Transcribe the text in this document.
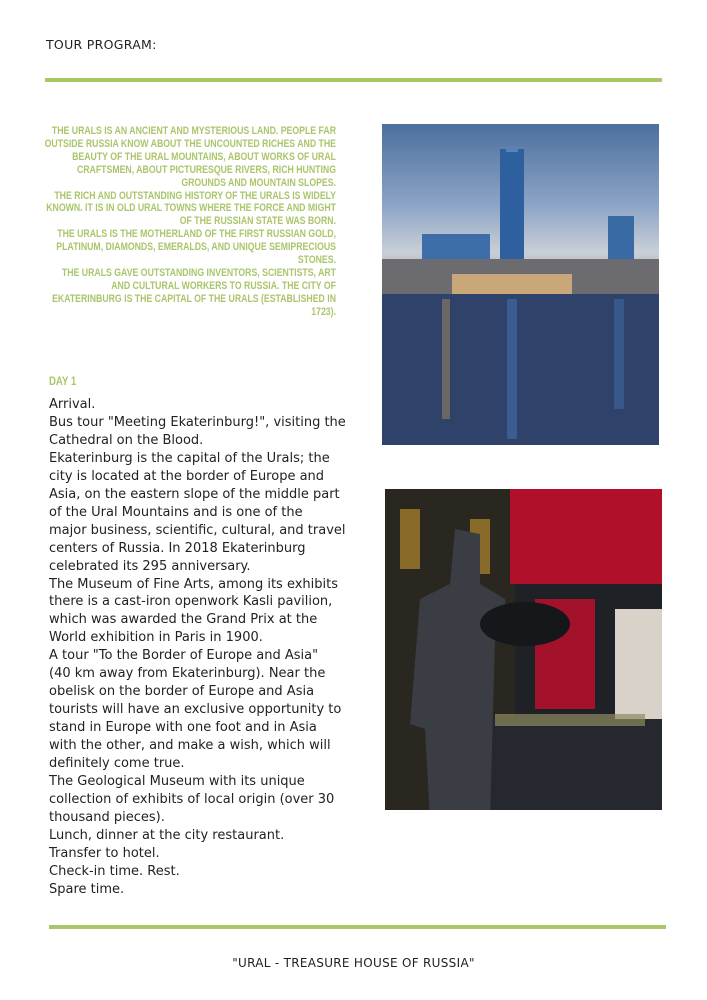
TOUR PROGRAM:
THE URALS IS AN ANCIENT AND MYSTERIOUS LAND. PEOPLE FAR
OUTSIDE RUSSIA KNOW ABOUT THE UNCOUNTED RICHES AND THE
BEAUTY OF THE URAL MOUNTAINS, ABOUT WORKS OF URAL
CRAFTSMEN, ABOUT PICTURESQUE RIVERS, RICH HUNTING
GROUNDS AND MOUNTAIN SLOPES.
THE RICH AND OUTSTANDING HISTORY OF THE URALS IS WIDELY
KNOWN. IT IS IN OLD URAL TOWNS WHERE THE FORCE AND MIGHT
OF THE RUSSIAN STATE WAS BORN.
THE URALS IS THE MOTHERLAND OF THE FIRST RUSSIAN GOLD,
PLATINUM, DIAMONDS, EMERALDS, AND UNIQUE SEMIPRECIOUS
STONES.
THE URALS GAVE OUTSTANDING INVENTORS, SCIENTISTS, ART
AND CULTURAL WORKERS TO RUSSIA. THE CITY OF
EKATERINBURG IS THE CAPITAL OF THE URALS (ESTABLISHED IN
1723).
DAY 1
Arrival.
Bus tour "Meeting Ekaterinburg!", visiting the
Cathedral on the Blood.
Ekaterinburg is the capital of the Urals; the
city is located at the border of Europe and
Asia, on the eastern slope of the middle part
of the Ural Mountains and is one of the
major business, scientific, cultural, and travel
centers of Russia. In 2018 Ekaterinburg
celebrated its 295 anniversary.
The Museum of Fine Arts, among its exhibits
there is a cast-iron openwork Kasli pavilion,
which was awarded the Grand Prix at the
World exhibition in Paris in 1900.
A tour "To the Border of Europe and Asia"
(40 km away from Ekaterinburg). Near the
obelisk on the border of Europe and Asia
tourists will have an exclusive opportunity to
stand in Europe with one foot and in Asia
with the other, and make a wish, which will
definitely come true.
The Geological Museum with its unique
collection of exhibits of local origin (over 30
thousand pieces).
Lunch, dinner at the city restaurant.
Transfer to hotel.
Check-in time. Rest.
Spare time.
"URAL - TREASURE HOUSE OF RUSSIA"
